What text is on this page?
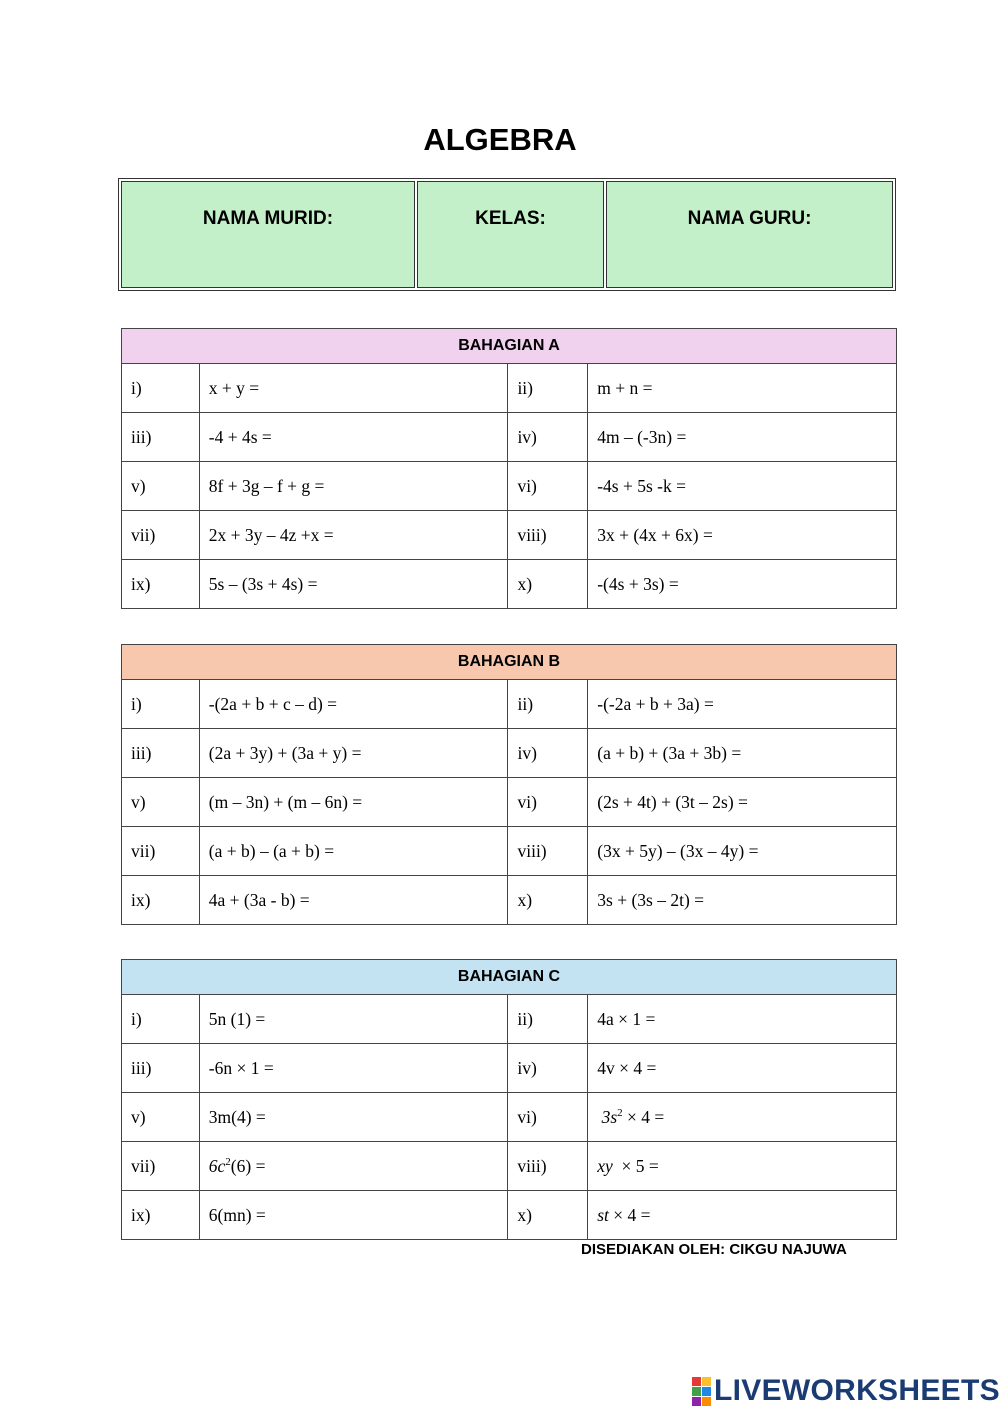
ALGEBRA
NAMA MURID:	KELAS:	NAMA GURU:
BAHAGIAN A			
i)	x + y =	ii)	m + n =
iii)	-4 + 4s =	iv)	4m – (-3n) =
v)	8f + 3g – f + g =	vi)	-4s + 5s -k =
vii)	2x + 3y – 4z +x =	viii)	3x + (4x + 6x) =
ix)	5s – (3s + 4s) =	x)	-(4s + 3s) =
BAHAGIAN B			
i)	-(2a + b + c – d) =	ii)	-(-2a + b + 3a) =
iii)	(2a + 3y) + (3a + y) =	iv)	(a + b) + (3a + 3b) =
v)	(m – 3n) + (m – 6n) =	vi)	(2s + 4t) + (3t – 2s) =
vii)	(a + b) – (a + b) =	viii)	(3x + 5y) – (3x – 4y) =
ix)	4a + (3a - b) =	x)	3s + (3s – 2t) =
BAHAGIAN C			
i)	5n (1) =	ii)	4a × 1 =
iii)	-6n × 1 =	iv)	4v × 4 =
v)	3m(4) =	vi)	$3s^2 \times 4$ =
vii)	$6c^2(6)$ =	viii)	xy  × 5 =
ix)	6(mn) =	x)	st × 4 =

DISEDIAKAN OLEH: CIKGU NAJUWA

LIVEWORKSHEETS
